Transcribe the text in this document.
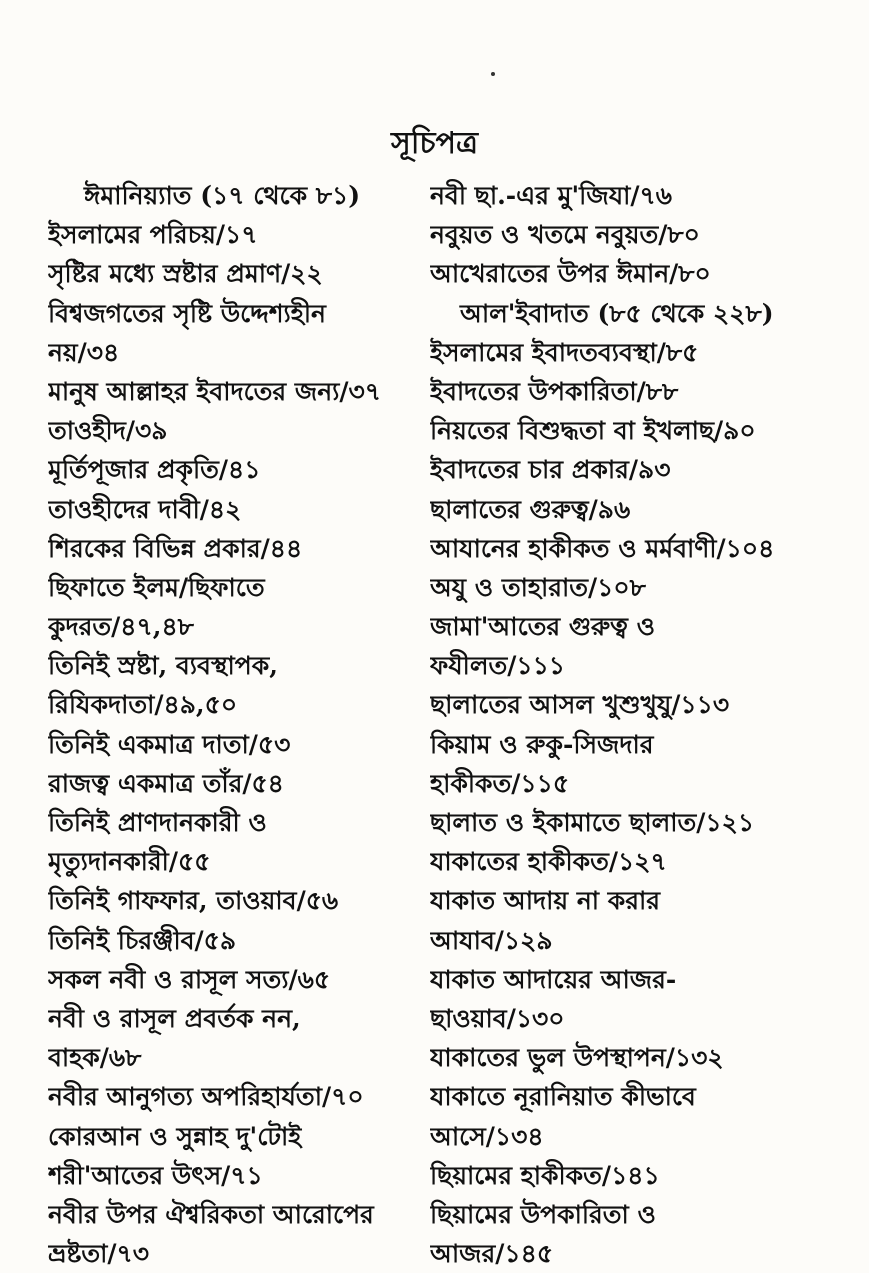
সূচিপত্র
ঈমানিয়্যাত (১৭ থেকে ৮১)
ইসলামের পরিচয়/১৭
সৃষ্টির মধ্যে স্রষ্টার প্রমাণ/২২
বিশ্বজগতের সৃষ্টি উদ্দেশ্যহীন
নয়/৩৪
মানুষ আল্লাহর ইবাদতের জন্য/৩৭
তাওহীদ/৩৯
মূর্তিপূজার প্রকৃতি/৪১
তাওহীদের দাবী/৪২
শিরকের বিভিন্ন প্রকার/৪৪
ছিফাতে ইলম/ছিফাতে
কুদরত/৪৭,৪৮
তিনিই স্রষ্টা, ব্যবস্থাপক,
রিযিকদাতা/৪৯,৫০
তিনিই একমাত্র দাতা/৫৩
রাজত্ব একমাত্র তাঁর/৫৪
তিনিই প্রাণদানকারী ও
মৃত্যুদানকারী/৫৫
তিনিই গাফফার, তাওয়াব/৫৬
তিনিই চিরঞ্জীব/৫৯
সকল নবী ও রাসূল সত্য/৬৫
নবী ও রাসূল প্রবর্তক নন,
বাহক/৬৮
নবীর আনুগত্য অপরিহার্যতা/৭০
কোরআন ও সুন্নাহ দু'টোই
শরী'আতের উৎস/৭১
নবীর উপর ঐশ্বরিকতা আরোপের
ভ্রষ্টতা/৭৩
নবী ছা.-এর মু'জিযা/৭৬
নবুয়ত ও খতমে নবুয়ত/৮০
আখেরাতের উপর ঈমান/৮০
আল'ইবাদাত (৮৫ থেকে ২২৮)
ইসলামের ইবাদতব্যবস্থা/৮৫
ইবাদতের উপকারিতা/৮৮
নিয়তের বিশুদ্ধতা বা ইখলাছ/৯০
ইবাদতের চার প্রকার/৯৩
ছালাতের গুরুত্ব/৯৬
আযানের হাকীকত ও মর্মবাণী/১০৪
অযু ও তাহারাত/১০৮
জামা'আতের গুরুত্ব ও
ফযীলত/১১১
ছালাতের আসল খুশুখুযু/১১৩
কিয়াম ও রুকু-সিজদার
হাকীকত/১১৫
ছালাত ও ইকামাতে ছালাত/১২১
যাকাতের হাকীকত/১২৭
যাকাত আদায় না করার
আযাব/১২৯
যাকাত আদায়ের আজর-
ছাওয়াব/১৩০
যাকাতের ভুল উপস্থাপন/১৩২
যাকাতে নূরানিয়াত কীভাবে
আসে/১৩৪
ছিয়ামের হাকীকত/১৪১
ছিয়ামের উপকারিতা ও
আজর/১৪৫
